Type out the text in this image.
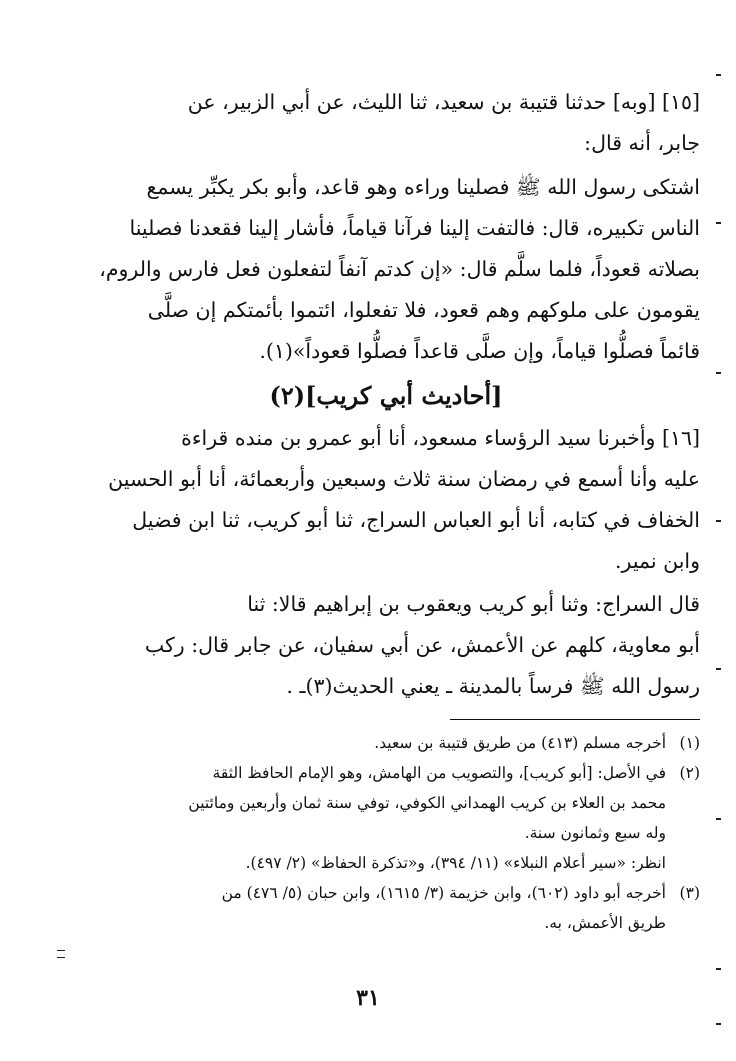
[١٥] [وبه] حدثنا قتيبة بن سعيد، ثنا الليث، عن أبي الزبير، عن

جابر، أنه قال:

اشتكى رسول الله ﷺ فصلينا وراءه وهو قاعد، وأبو بكر يكبِّر يسمع

الناس تكبيره، قال: فالتفت إلينا فرآنا قياماً، فأشار إلينا فقعدنا فصلينا

بصلاته قعوداً، فلما سلَّم قال: «إن كدتم آنفاً لتفعلون فعل فارس والروم،

يقومون على ملوكهم وهم قعود، فلا تفعلوا، ائتموا بأئمتكم إن صلَّى

قائماً فصلُّوا قياماً، وإن صلَّى قاعداً فصلُّوا قعوداً»(١).

[أحاديث أبي كريب](٢)

[١٦] وأخبرنا سيد الرؤساء مسعود، أنا أبو عمرو بن منده قراءة

عليه وأنا أسمع في رمضان سنة ثلاث وسبعين وأربعمائة، أنا أبو الحسين

الخفاف في كتابه، أنا أبو العباس السراج، ثنا أبو كريب، ثنا ابن فضيل

وابن نمير.

قال السراج: وثنا أبو كريب ويعقوب بن إبراهيم قالا: ثنا

أبو معاوية، كلهم عن الأعمش، عن أبي سفيان، عن جابر قال: ركب

رسول الله ﷺ فرساً بالمدينة ـ يعني الحديث(٣)ـ .

(١)
أخرجه مسلم (٤١٣) من طريق قتيبة بن سعيد.
(٢)
في الأصل: [أبو كريب]، والتصويب من الهامش، وهو الإمام الحافظ الثقة

محمد بن العلاء بن كريب الهمداني الكوفي، توفي سنة ثمان وأربعين ومائتين

وله سبع وثمانون سنة.

انظر: «سير أعلام النبلاء» (١١/ ٣٩٤)، و«تذكرة الحفاظ» (٢/ ٤٩٧).

(٣)
أخرجه أبو داود (٦٠٢)، وابن خزيمة (٣/ ١٦١٥)، وابن حبان (٥/ ٤٧٦) من

طريق الأعمش، به.

٣١
